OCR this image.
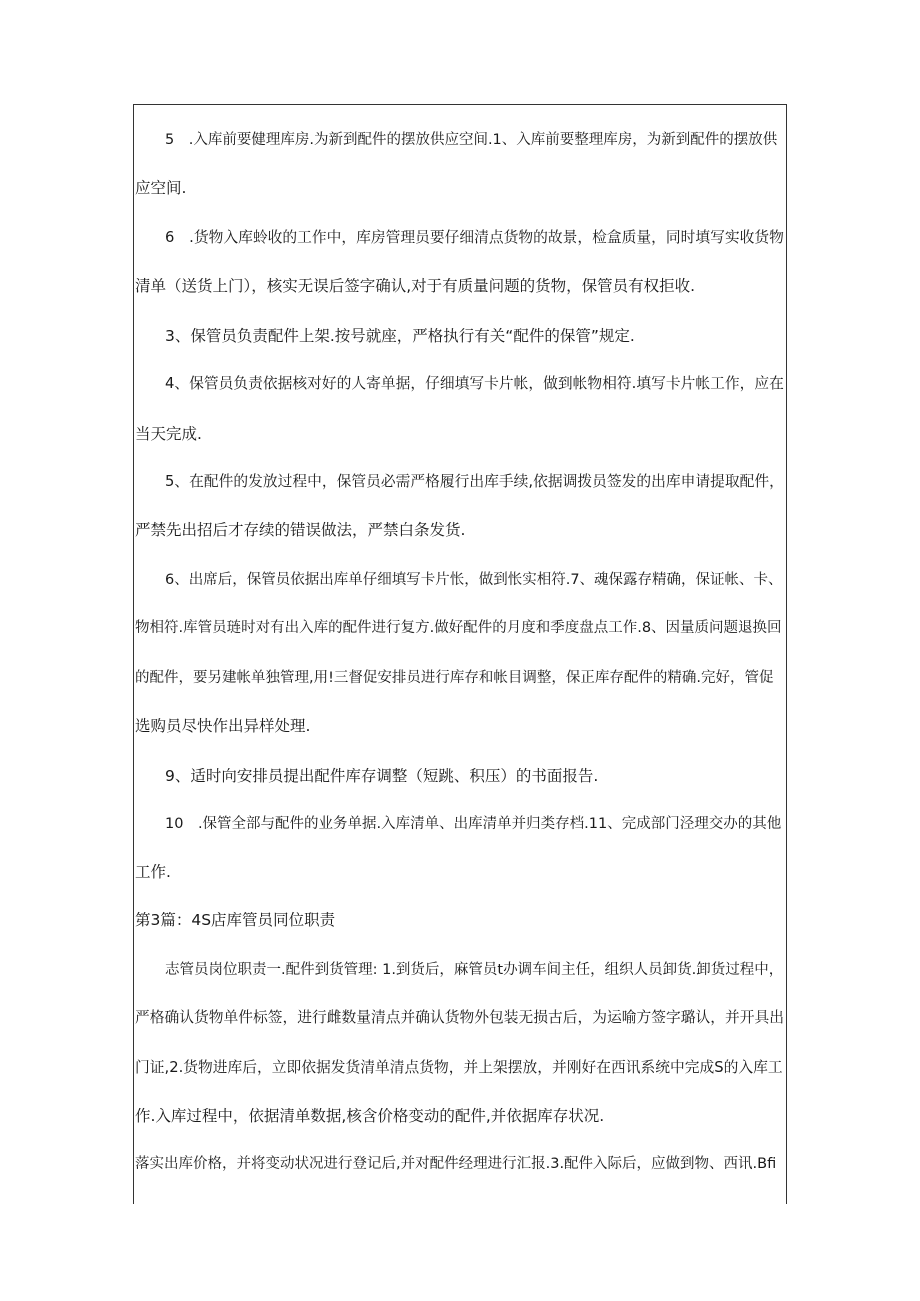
5　.入库前要健理库房.为新到配件的摆放供应空间.1、入库前要整理库房，为新到配件的摆放供
应空间.
6　.货物入库蛉收的工作中，库房管理员要仔细清点货物的故景，检盒质量，同时填写实收货物
清单（送货上门），核实无误后签字确认,对于有质量问题的货物，保管员有权拒收.
3、保管员负责配件上架.按号就座，严格执行有关“配件的保管”规定.
4、保管员负责依据核对好的人寄单据，仔细填写卡片帐，做到帐物相符.填写卡片帐工作，应在
当天完成.
5、在配件的发放过程中，保管员必需严格履行出库手续,依据调拨员签发的出库申请提取配件，
严禁先出招后才存续的错误做法，严禁白条发货.
6、出席后，保管员依据出库单仔细填写卡片怅，做到怅实相符.7、魂保露存精确，保证帐、卡、
物相符.库管员琏时对有出入库的配件进行复方.做好配件的月度和季度盘点工作.8、因量质问题退换回
的配件，要另建帐单独管理,用!三督促安排员进行库存和帐目调整，保正库存配件的精确.完好，管促
选购员尽快作出异样处理.
9、适时向安排员提出配件库存调整（短跳、积压）的书面报告.
10　.保管全部与配件的业务单据.入库清单、出库清单并归类存档.11、完成部门泾理交办的其他
工作.
第3篇：4S店库管员同位职责
志管员岗位职责一.配件到货管理: 1.到货后，麻管员t办调车间主任，组织人员卸货.卸货过程中，
严格确认货物单件标签，进行雌数量清点并确认货物外包装无损古后，为运喻方签字璐认，并开具出
门证,2.货物进库后，立即依据发货清单清点货物，并上架摆放，并刚好在西讯系统中完成S的入库工
作.入库过程中，依据清单数据,核含价格变动的配件,并依据库存状况.
落实出库价格，并将变动状况进行登记后,并对配件经理进行汇报.3.配件入际后，应做到物、西讯.Bfi
